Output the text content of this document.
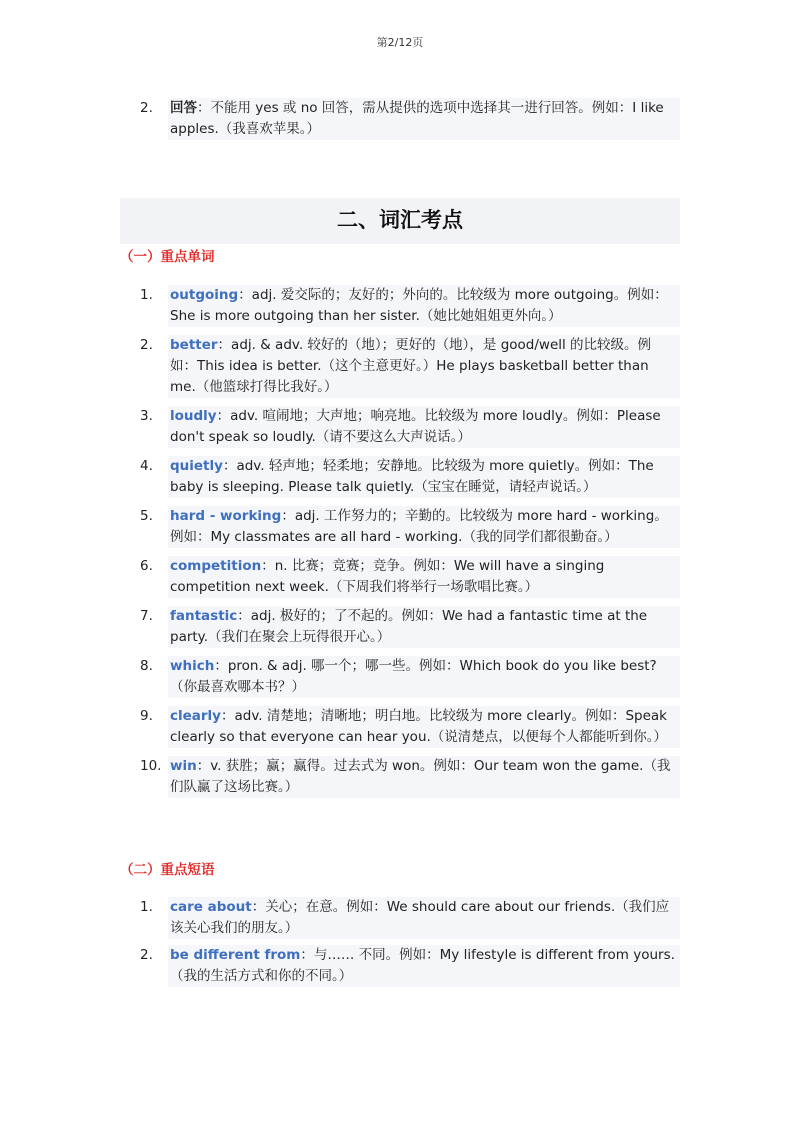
第2/12页
2.	回答：不能用 yes 或 no 回答，需从提供的选项中选择其一进行回答。例如：I like apples.（我喜欢苹果。）
二、词汇考点
（一）重点单词
1.	outgoing：adj. 爱交际的；友好的；外向的。比较级为 more outgoing。例如：She is more outgoing than her sister.（她比她姐姐更外向。）
2.	better：adj. & adv. 较好的（地）；更好的（地），是 good/well 的比较级。例如：This idea is better.（这个主意更好。）He plays basketball better than me.（他篮球打得比我好。）
3.	loudly：adv. 喧闹地；大声地；响亮地。比较级为 more loudly。例如：Please don't speak so loudly.（请不要这么大声说话。）
4.	quietly：adv. 轻声地；轻柔地；安静地。比较级为 more quietly。例如：The baby is sleeping. Please talk quietly.（宝宝在睡觉，请轻声说话。）
5.	hard - working：adj. 工作努力的；辛勤的。比较级为 more hard - working。例如：My classmates are all hard - working.（我的同学们都很勤奋。）
6.	competition：n. 比赛；竞赛；竞争。例如：We will have a singing competition next week.（下周我们将举行一场歌唱比赛。）
7.	fantastic：adj. 极好的；了不起的。例如：We had a fantastic time at the party.（我们在聚会上玩得很开心。）
8.	which：pron. & adj. 哪一个；哪一些。例如：Which book do you like best?（你最喜欢哪本书？）
9.	clearly：adv. 清楚地；清晰地；明白地。比较级为 more clearly。例如：Speak clearly so that everyone can hear you.（说清楚点，以便每个人都能听到你。）
10. win：v. 获胜；赢；赢得。过去式为 won。例如：Our team won the game.（我们队赢了这场比赛。）
（二）重点短语
1.	care about：关心；在意。例如：We should care about our friends.（我们应该关心我们的朋友。）
2.	be different from：与…… 不同。例如：My lifestyle is different from yours.（我的生活方式和你的不同。）
